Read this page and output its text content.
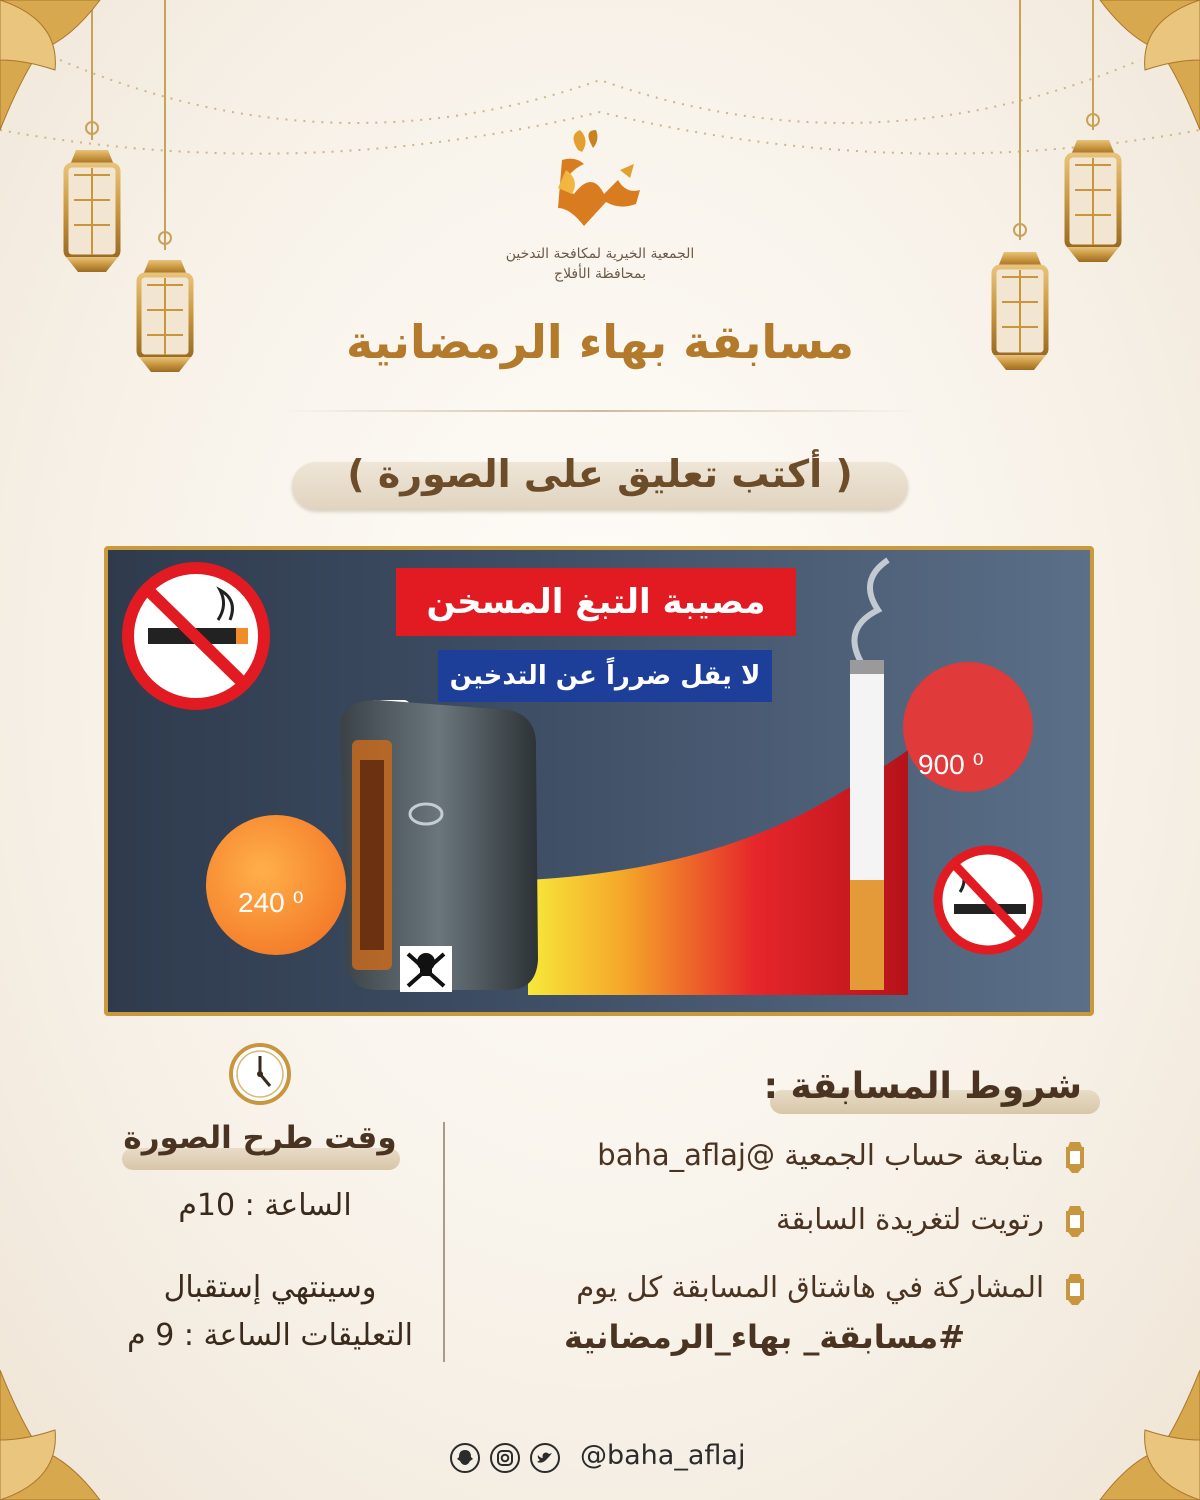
الجمعية الخيرية لمكافحة التدخين
بمحافظة الأفلاج
مسابقة بهاء الرمضانية
( أكتب تعليق على الصورة )
مصيبة التبغ المسخن
لا يقل ضرراً عن التدخين
900 ⁰
240 ⁰
شروط المسابقة :
متابعة حساب الجمعية @baha_aflaj
رتويت لتغريدة السابقة
المشاركة في هاشتاق المسابقة كل يوم
#مسابقة_ بهاء_الرمضانية
وقت طرح الصورة
الساعة : 10م
وسينتهي إستقبال
التعليقات الساعة : 9 م
@baha_aflaj
